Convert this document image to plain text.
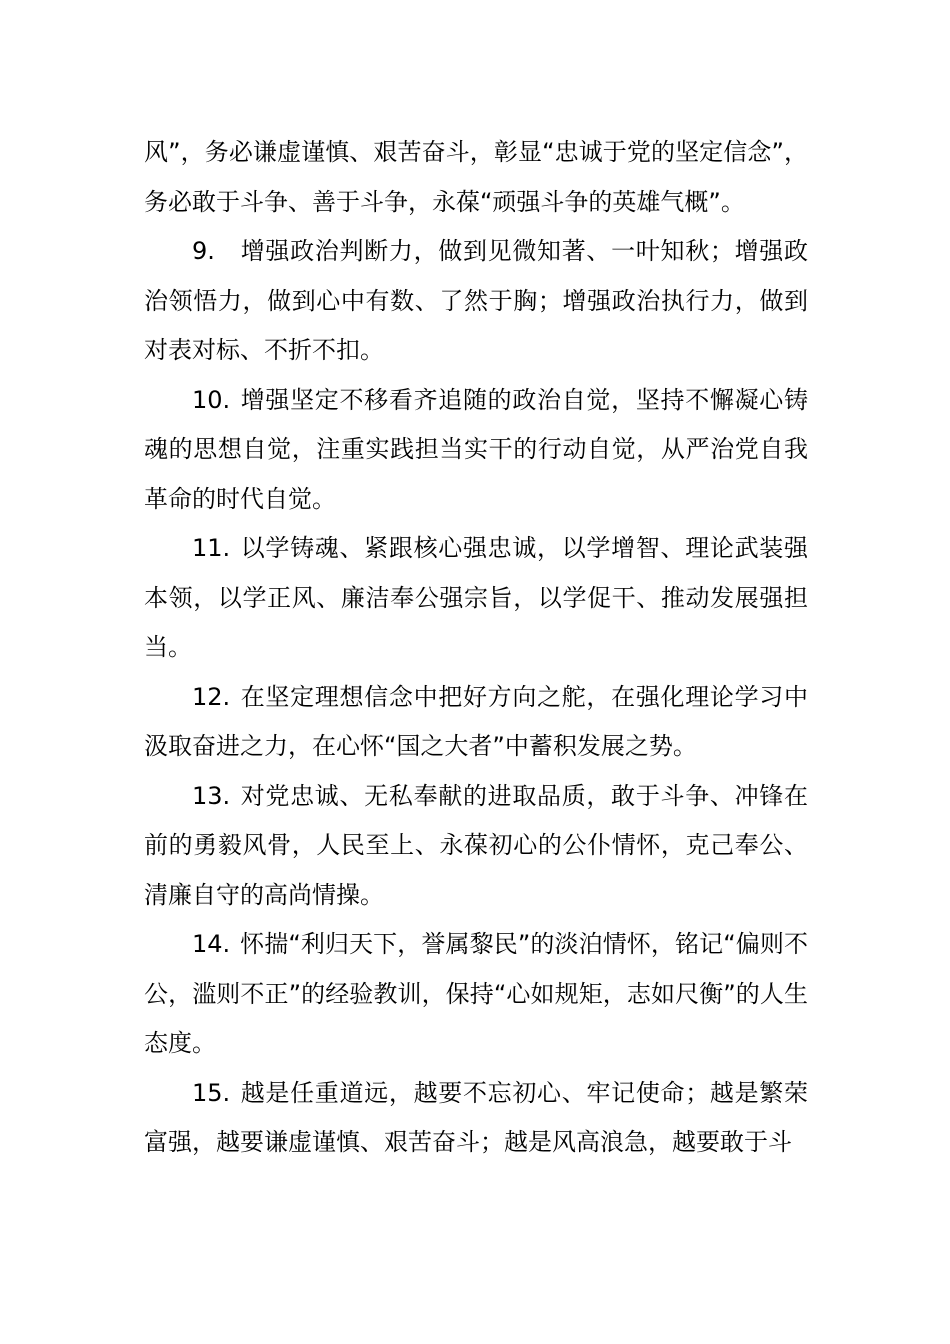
风”，务必谦虚谨慎、艰苦奋斗，彰显“忠诚于党的坚定信念”，务必敢于斗争、善于斗争，永葆“顽强斗争的英雄气概”。

9. 增强政治判断力，做到见微知著、一叶知秋；增强政治领悟力，做到心中有数、了然于胸；增强政治执行力，做到对表对标、不折不扣。

10. 增强坚定不移看齐追随的政治自觉，坚持不懈凝心铸魂的思想自觉，注重实践担当实干的行动自觉，从严治党自我革命的时代自觉。

11. 以学铸魂、紧跟核心强忠诚，以学增智、理论武装强本领，以学正风、廉洁奉公强宗旨，以学促干、推动发展强担当。

12. 在坚定理想信念中把好方向之舵，在强化理论学习中汲取奋进之力，在心怀“国之大者”中蓄积发展之势。

13. 对党忠诚、无私奉献的进取品质，敢于斗争、冲锋在前的勇毅风骨，人民至上、永葆初心的公仆情怀，克己奉公、清廉自守的高尚情操。

14. 怀揣“利归天下，誉属黎民”的淡泊情怀，铭记“偏则不公，滥则不正”的经验教训，保持“心如规矩，志如尺衡”的人生态度。

15. 越是任重道远，越要不忘初心、牢记使命；越是繁荣富强，越要谦虚谨慎、艰苦奋斗；越是风高浪急，越要敢于斗
